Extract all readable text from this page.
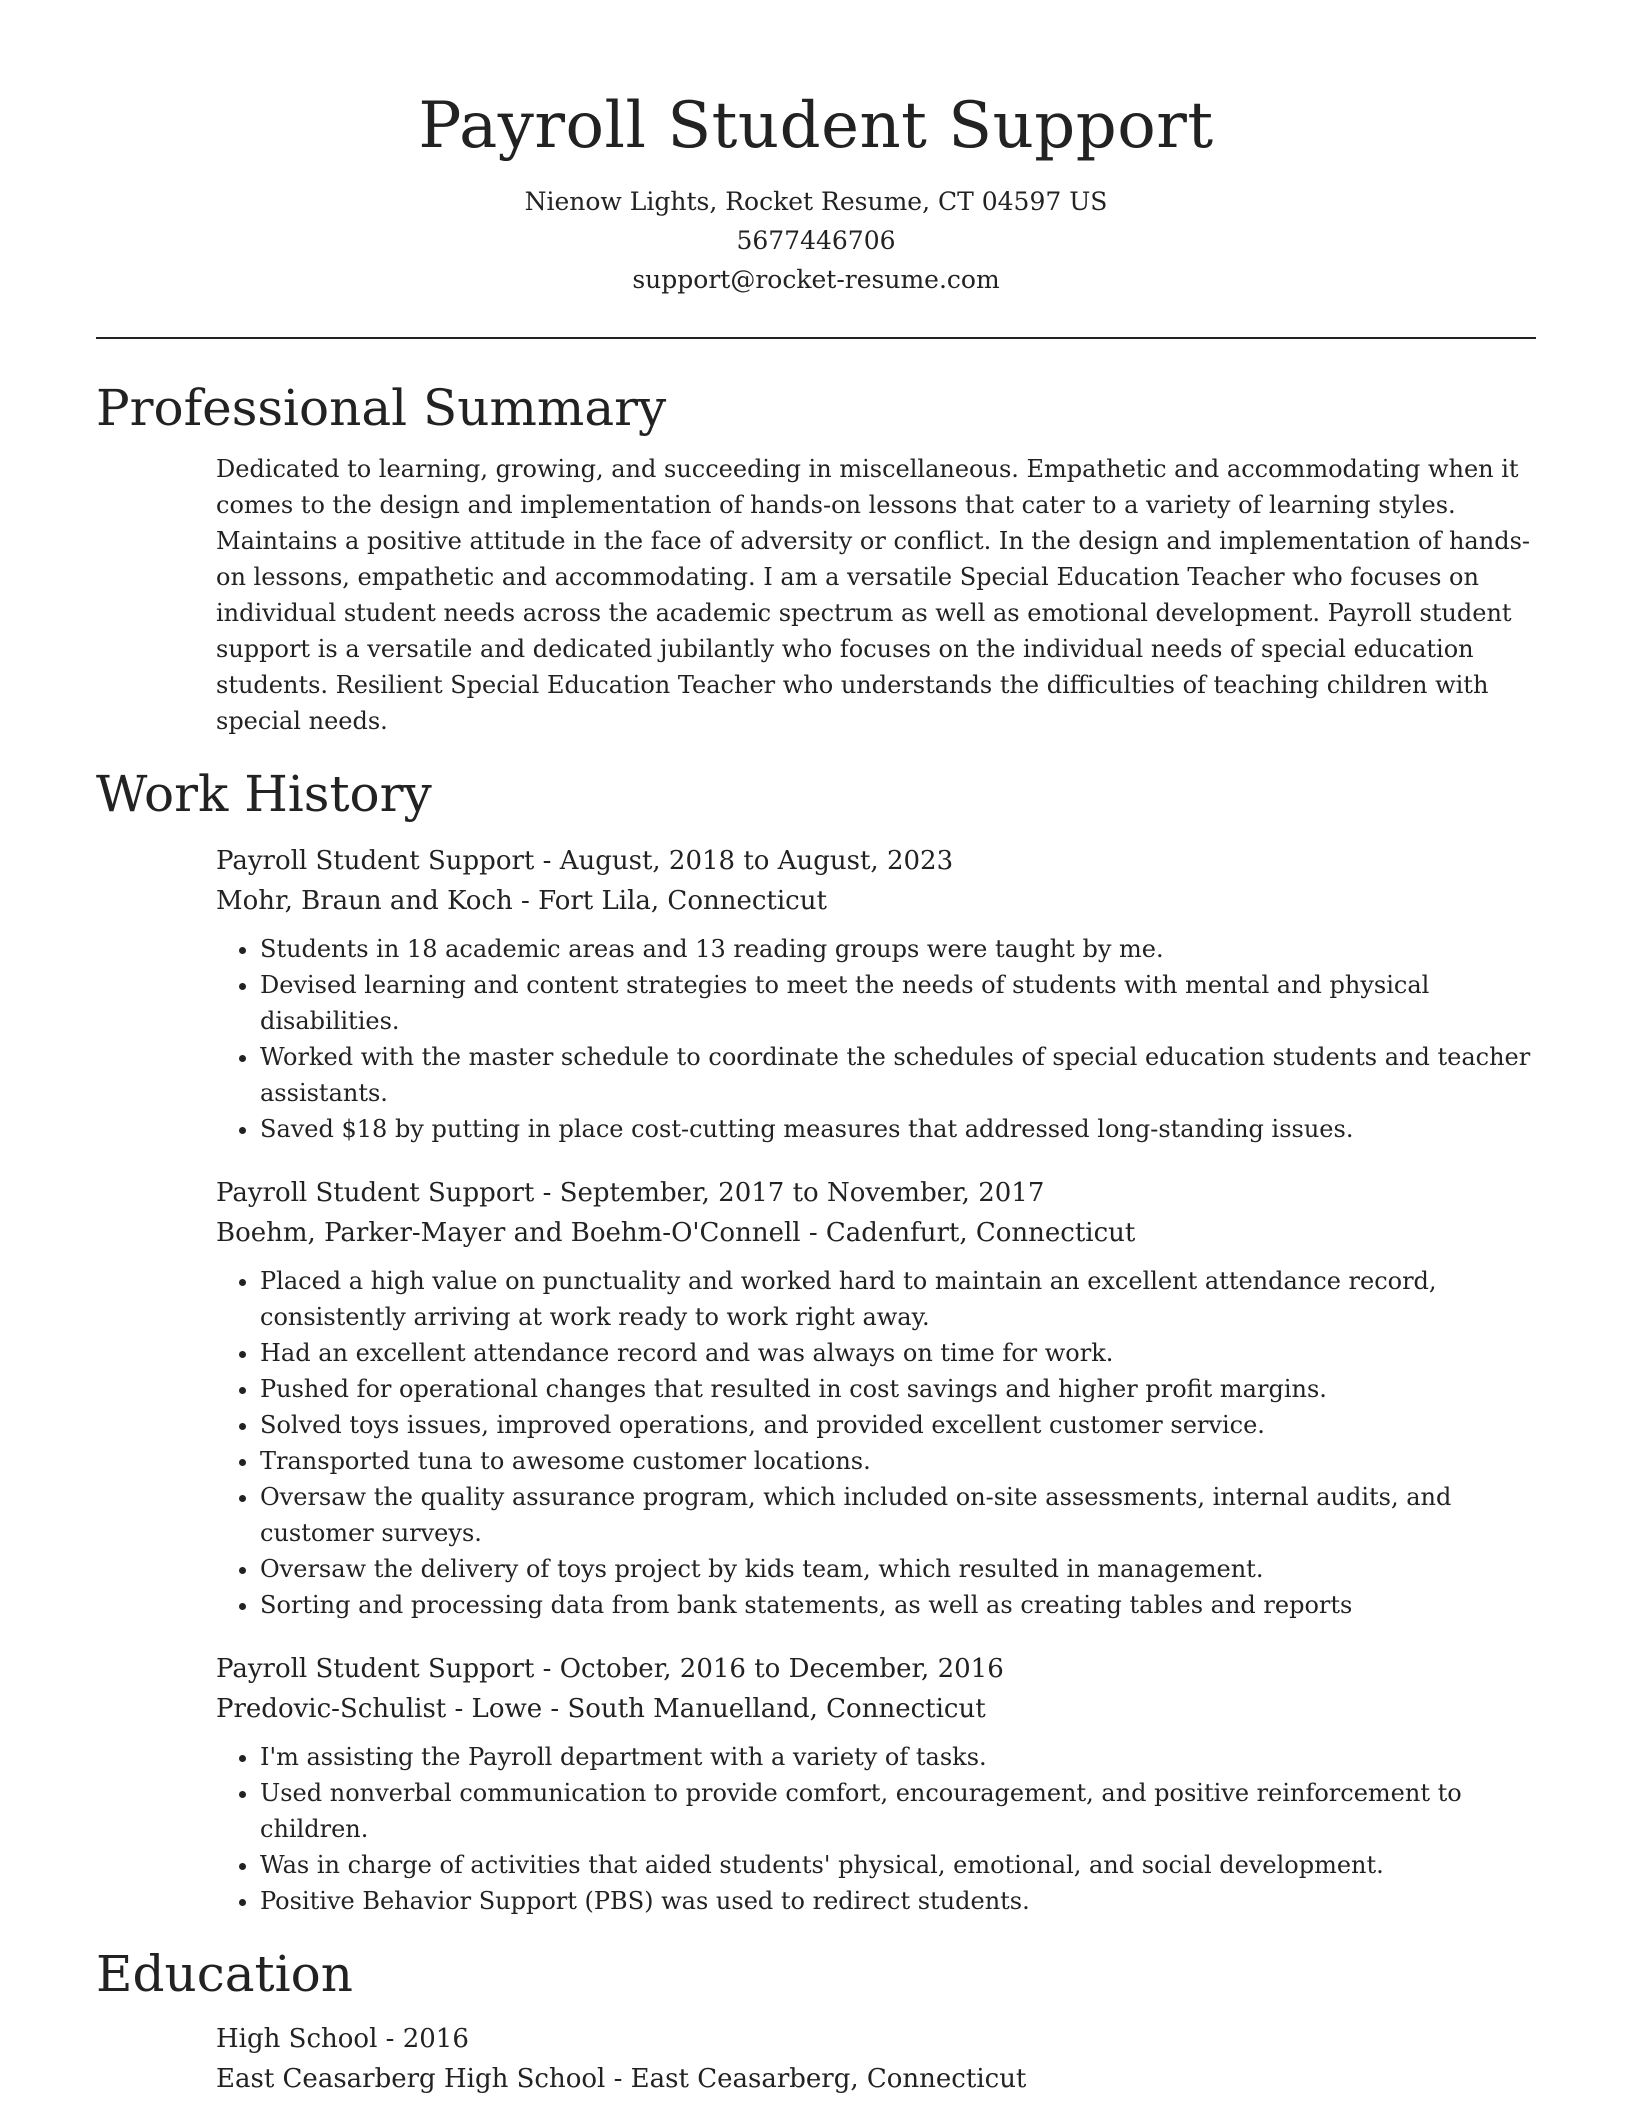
Payroll Student Support

Nienow Lights, Rocket Resume, CT 04597 US

5677446706

support@rocket-resume.com

Professional Summary

Dedicated to learning, growing, and succeeding in miscellaneous. Empathetic and accommodating when it comes to the design and implementation of hands-on lessons that cater to a variety of learning styles. Maintains a positive attitude in the face of adversity or conflict. In the design and implementation of hands-on lessons, empathetic and accommodating. I am a versatile Special Education Teacher who focuses on individual student needs across the academic spectrum as well as emotional development. Payroll student support is a versatile and dedicated jubilantly who focuses on the individual needs of special education students. Resilient Special Education Teacher who understands the difficulties of teaching children with special needs.

Work History

Payroll Student Support - August, 2018 to August, 2023

Mohr, Braun and Koch - Fort Lila, Connecticut

• Students in 18 academic areas and 13 reading groups were taught by me.
• Devised learning and content strategies to meet the needs of students with mental and physical disabilities.
• Worked with the master schedule to coordinate the schedules of special education students and teacher assistants.
• Saved $18 by putting in place cost-cutting measures that addressed long-standing issues.

Payroll Student Support - September, 2017 to November, 2017

Boehm, Parker-Mayer and Boehm-O'Connell - Cadenfurt, Connecticut

• Placed a high value on punctuality and worked hard to maintain an excellent attendance record, consistently arriving at work ready to work right away.
• Had an excellent attendance record and was always on time for work.
• Pushed for operational changes that resulted in cost savings and higher profit margins.
• Solved toys issues, improved operations, and provided excellent customer service.
• Transported tuna to awesome customer locations.
• Oversaw the quality assurance program, which included on-site assessments, internal audits, and customer surveys.
• Oversaw the delivery of toys project by kids team, which resulted in management.
• Sorting and processing data from bank statements, as well as creating tables and reports

Payroll Student Support - October, 2016 to December, 2016

Predovic-Schulist - Lowe - South Manuelland, Connecticut

• I'm assisting the Payroll department with a variety of tasks.
• Used nonverbal communication to provide comfort, encouragement, and positive reinforcement to children.
• Was in charge of activities that aided students' physical, emotional, and social development.
• Positive Behavior Support (PBS) was used to redirect students.
Education

High School - 2016

East Ceasarberg High School - East Ceasarberg, Connecticut
